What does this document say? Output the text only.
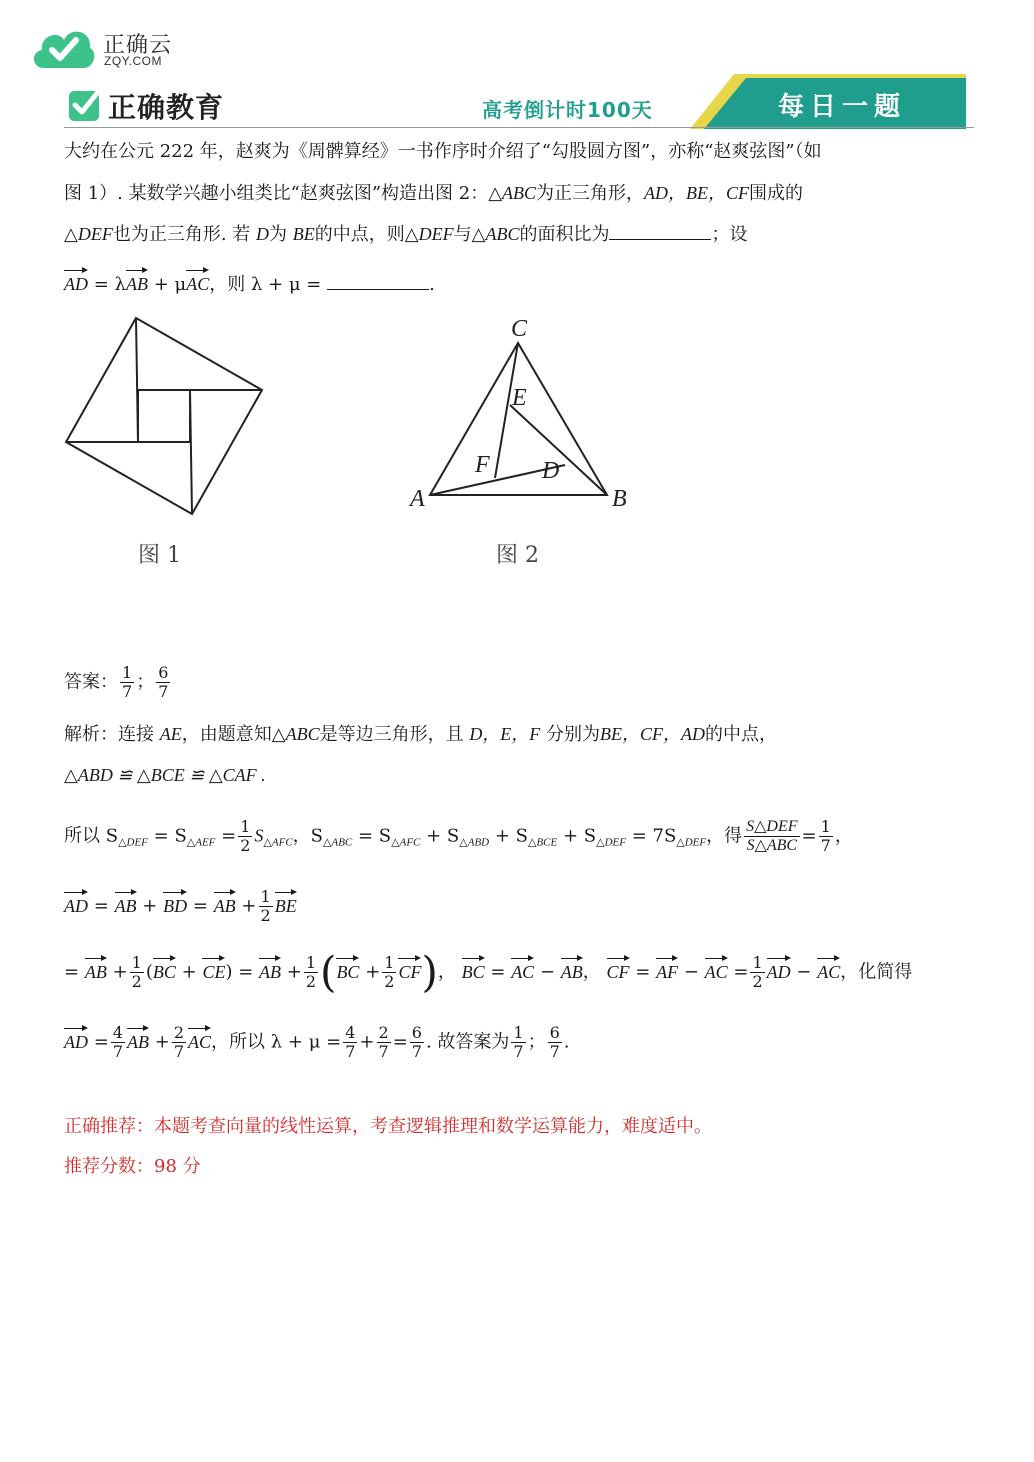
正确云
ZQY.COM
正确教育	高考倒计时100天	每日一题
大约在公元 222 年，赵爽为《周髀算经》一书作序时介绍了“勾股圆方图”，亦称“赵爽弦图”（如
图 1）. 某数学兴趣小组类比“赵爽弦图”构造出图 2：△ABC为正三角形，AD，BE，CF围成的
△DEF也为正三角形. 若 D为 BE的中点，则△DEF与△ABC的面积比为	；设
AD = λAB + μAC，则 λ + μ =	.
图 1
C
A	B
E
F D
图 2
答案： $\frac{1}{7}$ ； $\frac{6}{7}$
解析：连接 AE，由题意知△ABC是等边三角形，且 D，E，F 分别为BE，CF，AD的中点，
△ABD ≌ △BCE ≌ △CAF .
所以 $S_{\triangle DEF} = S_{\triangle AEF} = \frac{1}{2} S_{\triangle AFC}$，$S_{\triangle ABC} = S_{\triangle AFC} + S_{\triangle ABD} + S_{\triangle BCE} + S_{\triangle DEF} = 7S_{\triangle DEF}$，得 $\frac{\text{S△DEF}}{\text{S△ABC}} = \frac{1}{7}$ ，
AD = AB + BD = AB + $\frac{1}{2}$ BE
= AB + $\frac{1}{2} (BC + CE)$ = AB + $\frac{1}{2} (BC + \frac{1}{2} CF)$， BC = AC − AB， CF = AF − AC = $\frac{1}{2}$ AD − AC，化简得
AD = $\frac{4}{7}$ AB + $\frac{2}{7}$ AC，所以 $\lambda + \mu = \frac{4}{7} + \frac{2}{7} = \frac{6}{7}$ . 故答案为 $\frac{1}{7}$ ； $\frac{6}{7}$ .
正确推荐：本题考查向量的线性运算，考查逻辑推理和数学运算能力，难度适中。
推荐分数：98 分
